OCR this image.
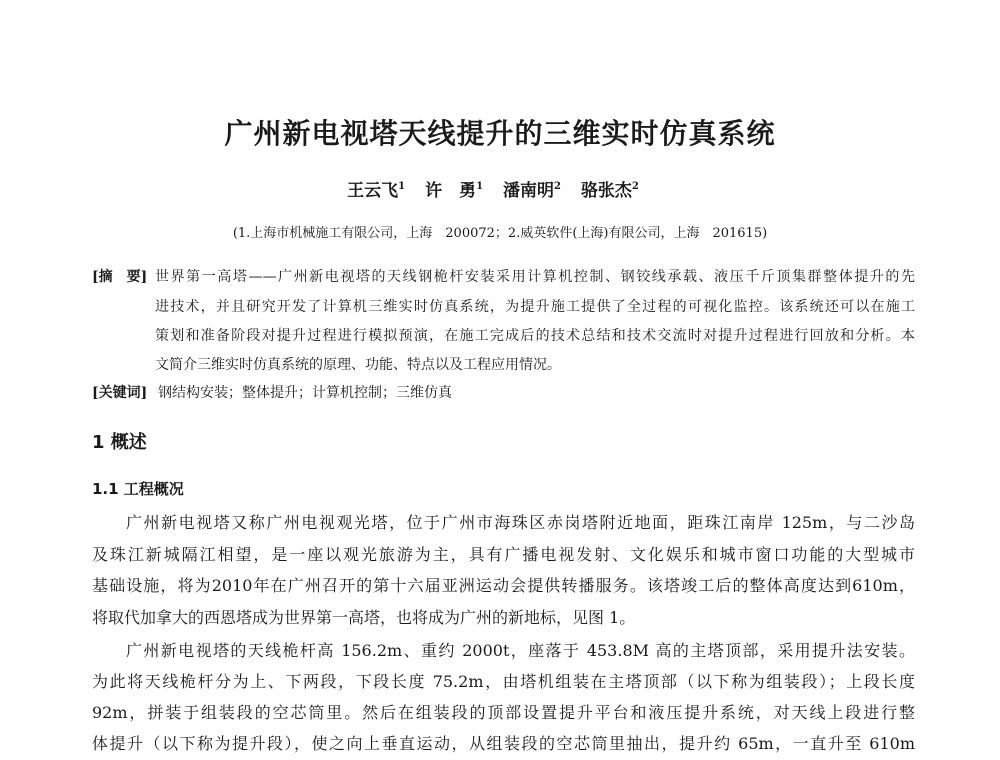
广州新电视塔天线提升的三维实时仿真系统
王云飞$^1$ 许　勇$^1$ 潘南明$^2$ 骆张杰$^2$
(1.上海市机械施工有限公司，上海　200072；2.威英软件(上海)有限公司，上海　201615)
[摘　要] 世界第一高塔——广州新电视塔的天线钢桅杆安装采用计算机控制、钢铰线承载、液压千斤顶集群整体提升的先
进技术，并且研究开发了计算机三维实时仿真系统，为提升施工提供了全过程的可视化监控。该系统还可以在施工
策划和准备阶段对提升过程进行模拟预演，在施工完成后的技术总结和技术交流时对提升过程进行回放和分析。本
文简介三维实时仿真系统的原理、功能、特点以及工程应用情况。
[关键词] 钢结构安装；整体提升；计算机控制；三维仿真
1 概述
1.1 工程概况
广州新电视塔又称广州电视观光塔，位于广州市海珠区赤岗塔附近地面，距珠江南岸 125m，与二沙岛
及珠江新城隔江相望，是一座以观光旅游为主，具有广播电视发射、文化娱乐和城市窗口功能的大型城市
基础设施，将为2010年在广州召开的第十六届亚洲运动会提供转播服务。该塔竣工后的整体高度达到610m，
将取代加拿大的西恩塔成为世界第一高塔，也将成为广州的新地标，见图 1。
广州新电视塔的天线桅杆高 156.2m、重约 2000t，座落于 453.8M 高的主塔顶部，采用提升法安装。
为此将天线桅杆分为上、下两段，下段长度 75.2m，由塔机组装在主塔顶部（以下称为组装段）；上段长度
92m，拼装于组装段的空芯筒里。然后在组装段的顶部设置提升平台和液压提升系统，对天线上段进行整
体提升（以下称为提升段），使之向上垂直运动，从组装段的空芯筒里抽出，提升约 65m，一直升至 610m
